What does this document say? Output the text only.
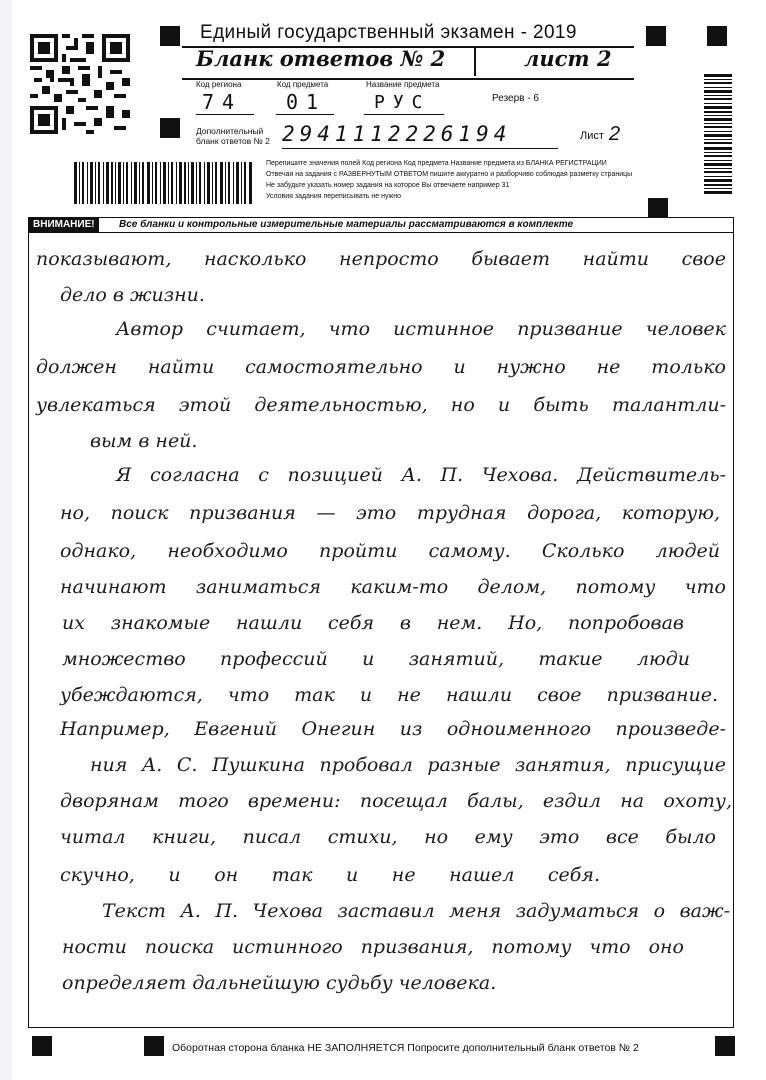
Единый государственный экзамен - 2019
Бланк ответов № 2	лист 2
Код региона	Код предмета	Название предмета
74 01	РУС	Резерв - 6
Дополнительный
бланк ответов № 2 2941112226194	Лист 2
Перепишите значения полей Код региона Код предмета Название предмета из БЛАНКА РЕГИСТРАЦИИ
Отвечая на задания с РАЗВЕРНУТЫМ ОТВЕТОМ пишите аккуратно и разборчиво соблюдая разметку страницы
Не забудьте указать номер задания на которое Вы отвечаете например 31
Условия задания переписывать не нужно
ВНИМАНИЕ!	Все бланки и контрольные измерительные материалы рассматриваются в комплекте
показывают, насколько непросто бывает найти свое
дело в жизни.
Автор считает, что истинное призвание человек
должен найти самостоятельно и нужно не только
увлекаться этой деятельностью, но и быть талантли-
вым в ней.
Я согласна с позицией А. П. Чехова. Действитель-
но, поиск призвания — это трудная дорога, которую,
однако, необходимо пройти самому. Сколько людей
начинают заниматься каким-то делом, потому что
их знакомые нашли себя в нем. Но, попробовав
множество профессий и занятий, такие люди
убеждаются, что так и не нашли свое призвание.
Например, Евгений Онегин из одноименного произведе-
ния А. С. Пушкина пробовал разные занятия, присущие
дворянам того времени: посещал балы, ездил на охоту,
читал книги, писал стихи, но ему это все было
скучно, и он так и не нашел себя.
Текст А. П. Чехова заставил меня задуматься о важ-
ности поиска истинного призвания, потому что оно
определяет дальнейшую судьбу человека.
Оборотная сторона бланка НЕ ЗАПОЛНЯЕТСЯ Попросите дополнительный бланк ответов № 2
